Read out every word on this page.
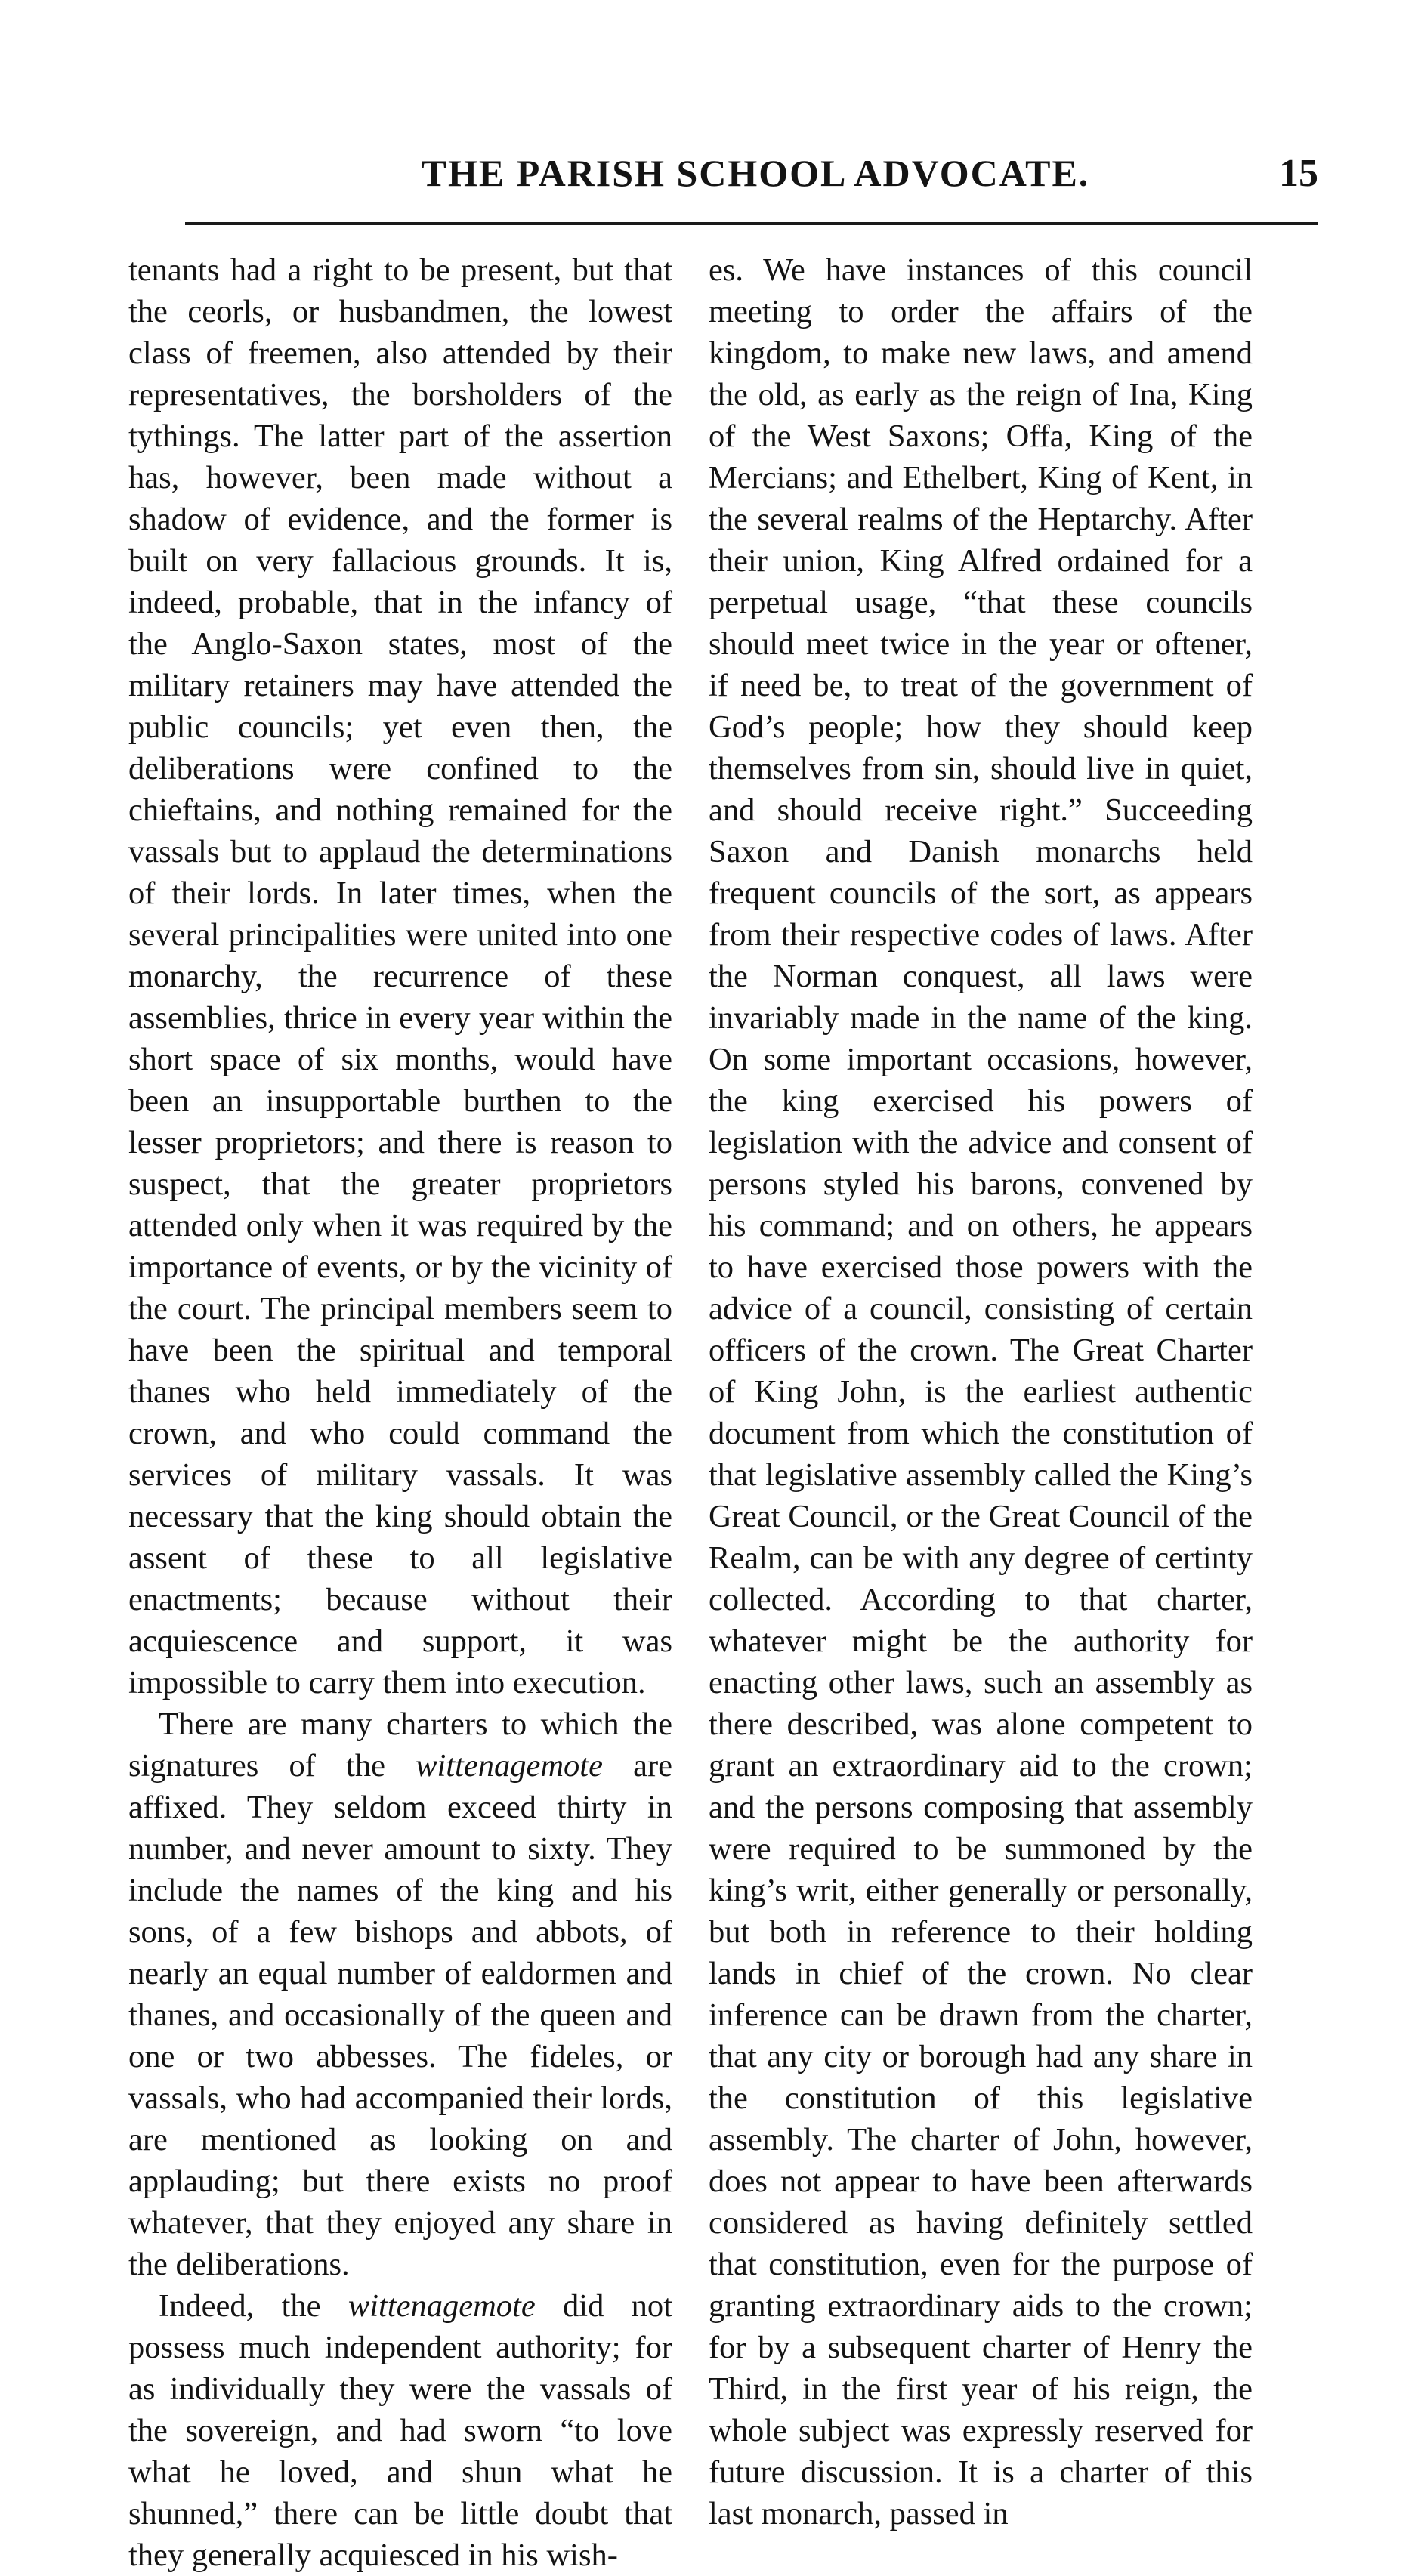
THE PARISH SCHOOL ADVOCATE.	15

tenants had a right to be present, but that the ceorls, or husbandmen, the lowest class of freemen, also attended by their representatives, the borsholders of the tythings. The latter part of the assertion has, however, been made without a shadow of evidence, and the former is built on very fallacious grounds. It is, indeed, probable, that in the infancy of the Anglo-Saxon states, most of the military retainers may have attended the public councils; yet even then, the deliberations were confined to the chieftains, and nothing remained for the vassals but to applaud the determinations of their lords. In later times, when the several principalities were united into one monarchy, the recurrence of these assemblies, thrice in every year within the short space of six months, would have been an insupportable burthen to the lesser proprietors; and there is reason to suspect, that the greater proprietors attended only when it was required by the importance of events, or by the vicinity of the court. The principal members seem to have been the spiritual and temporal thanes who held immediately of the crown, and who could command the services of military vassals. It was necessary that the king should obtain the assent of these to all legislative enactments; because without their acquiescence and support, it was impossible to carry them into execution.

There are many charters to which the signatures of the wittenagemote are affixed. They seldom exceed thirty in number, and never amount to sixty. They include the names of the king and his sons, of a few bishops and abbots, of nearly an equal number of ealdormen and thanes, and occasionally of the queen and one or two abbesses. The fideles, or vassals, who had accompanied their lords, are mentioned as looking on and applauding; but there exists no proof whatever, that they enjoyed any share in the deliberations.

Indeed, the wittenagemote did not possess much independent authority; for as individually they were the vassals of the sovereign, and had sworn “to love what he loved, and shun what he shunned,” there can be little doubt that they generally acquiesced in his wish-

es. We have instances of this council meeting to order the affairs of the kingdom, to make new laws, and amend the old, as early as the reign of Ina, King of the West Saxons; Offa, King of the Mercians; and Ethelbert, King of Kent, in the several realms of the Heptarchy. After their union, King Alfred ordained for a perpetual usage, “that these councils should meet twice in the year or oftener, if need be, to treat of the government of God’s people; how they should keep themselves from sin, should live in quiet, and should receive right.” Succeeding Saxon and Danish monarchs held frequent councils of the sort, as appears from their respective codes of laws. After the Norman conquest, all laws were invariably made in the name of the king. On some important occasions, however, the king exercised his powers of legislation with the advice and consent of persons styled his barons, convened by his command; and on others, he appears to have exercised those powers with the advice of a council, consisting of certain officers of the crown. The Great Charter of King John, is the earliest authentic document from which the constitution of that legislative assembly called the King’s Great Council, or the Great Council of the Realm, can be with any degree of certinty collected. According to that charter, whatever might be the authority for enacting other laws, such an assembly as there described, was alone competent to grant an extraordinary aid to the crown; and the persons composing that assembly were required to be summoned by the king’s writ, either generally or personally, but both in reference to their holding lands in chief of the crown. No clear inference can be drawn from the charter, that any city or borough had any share in the constitution of this legislative assembly. The charter of John, however, does not appear to have been afterwards considered as having definitely settled that constitution, even for the purpose of granting extraordinary aids to the crown; for by a subsequent charter of Henry the Third, in the first year of his reign, the whole subject was expressly reserved for future discussion. It is a charter of this last monarch, passed in
